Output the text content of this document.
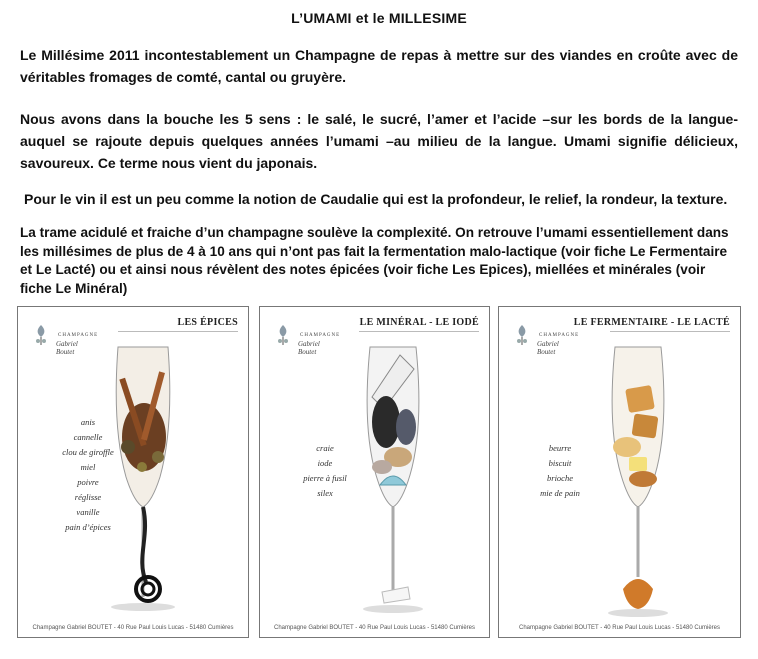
L’UMAMI et le MILLESIME
Le Millésime 2011 incontestablement un Champagne de repas à mettre sur des viandes en croûte avec de véritables fromages de comté, cantal ou gruyère.
Nous avons dans la bouche les 5 sens : le salé, le sucré, l’amer et l’acide –sur les bords de la langue- auquel se rajoute depuis quelques années l’umami –au milieu de la langue. Umami signifie délicieux, savoureux. Ce terme nous vient du japonais.
Pour le vin il est un peu comme la notion de Caudalie qui est la profondeur, le relief, la rondeur, la texture.
La trame acidulé et fraiche d’un champagne soulève la complexité. On retrouve l’umami essentiellement dans les millésimes de plus de 4 à 10 ans qui n’ont pas fait la fermentation malo-lactique (voir fiche Le Fermentaire et Le Lacté) ou et ainsi nous révèlent des notes épicées (voir fiche Les Epices), miellées et minérales (voir fiche Le Minéral)
CHAMPAGNE
Gabriel Boutet
LES ÉPICES
anis
cannelle
clou de giroffle
miel
poivre
réglisse
vanille
pain d’épices
Champagne Gabriel BOUTET - 40 Rue Paul Louis Lucas - 51480 Cumières
CHAMPAGNE
Gabriel Boutet
LE MINÉRAL - LE IODÉ
craie
iode
pierre à fusil
silex
Champagne Gabriel BOUTET - 40 Rue Paul Louis Lucas - 51480 Cumières
CHAMPAGNE
Gabriel Boutet
LE FERMENTAIRE - LE LACTÉ
beurre
biscuit
brioche
mie de pain
Champagne Gabriel BOUTET - 40 Rue Paul Louis Lucas - 51480 Cumières
